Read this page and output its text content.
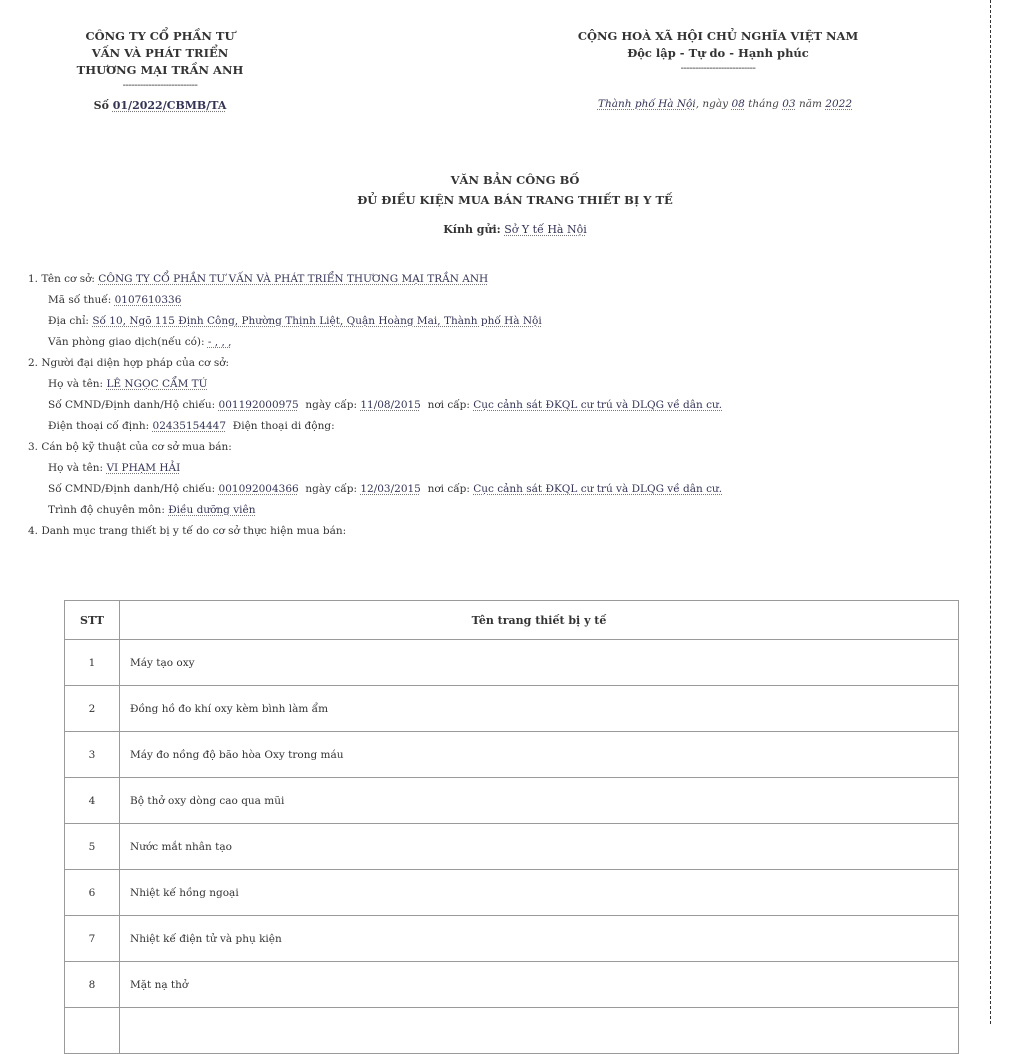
CÔNG TY CỔ PHẦN TƯ
VẤN VÀ PHÁT TRIỂN
THƯƠNG MẠI TRẦN ANH
--------------------------
Số 01/2022/CBMB/TA
CỘNG HOÀ XÃ HỘI CHỦ NGHĨA VIỆT NAM
Độc lập - Tự do - Hạnh phúc
--------------------------
Thành phố Hà Nội, ngày 08 tháng 03 năm 2022
VĂN BẢN CÔNG BỐ
ĐỦ ĐIỀU KIỆN MUA BÁN TRANG THIẾT BỊ Y TẾ
Kính gửi: Sở Y tế Hà Nội
1. Tên cơ sở: CÔNG TY CỔ PHẦN TƯ VẤN VÀ PHÁT TRIỂN THƯƠNG MẠI TRẦN ANH
Mã số thuế: 0107610336
Địa chỉ: Số 10, Ngõ 115 Định Công, Phường Thịnh Liệt, Quận Hoàng Mai, Thành phố Hà Nội
Văn phòng giao dịch(nếu có): - , , ,
2. Người đại diện hợp pháp của cơ sở:
Họ và tên: LÊ NGỌC CẨM TÚ
Số CMND/Định danh/Hộ chiếu: 001192000975 ngày cấp: 11/08/2015 nơi cấp: Cục cảnh sát ĐKQL cư trú và DLQG về dân cư.
Điện thoại cố định: 02435154447 Điện thoại di động:
3. Cán bộ kỹ thuật của cơ sở mua bán:
Họ và tên: VI PHẠM HẢI
Số CMND/Định danh/Hộ chiếu: 001092004366 ngày cấp: 12/03/2015 nơi cấp: Cục cảnh sát ĐKQL cư trú và DLQG về dân cư.
Trình độ chuyên môn: Điều dưỡng viên
4. Danh mục trang thiết bị y tế do cơ sở thực hiện mua bán:
STT	Tên trang thiết bị y tế
1	Máy tạo oxy
2	Đồng hồ đo khí oxy kèm bình làm ẩm
3	Máy đo nồng độ bão hòa Oxy trong máu
4	Bộ thở oxy dòng cao qua mũi
5	Nước mắt nhân tạo
6	Nhiệt kế hồng ngoại
7	Nhiệt kế điện tử và phụ kiện
8	Mặt nạ thở
